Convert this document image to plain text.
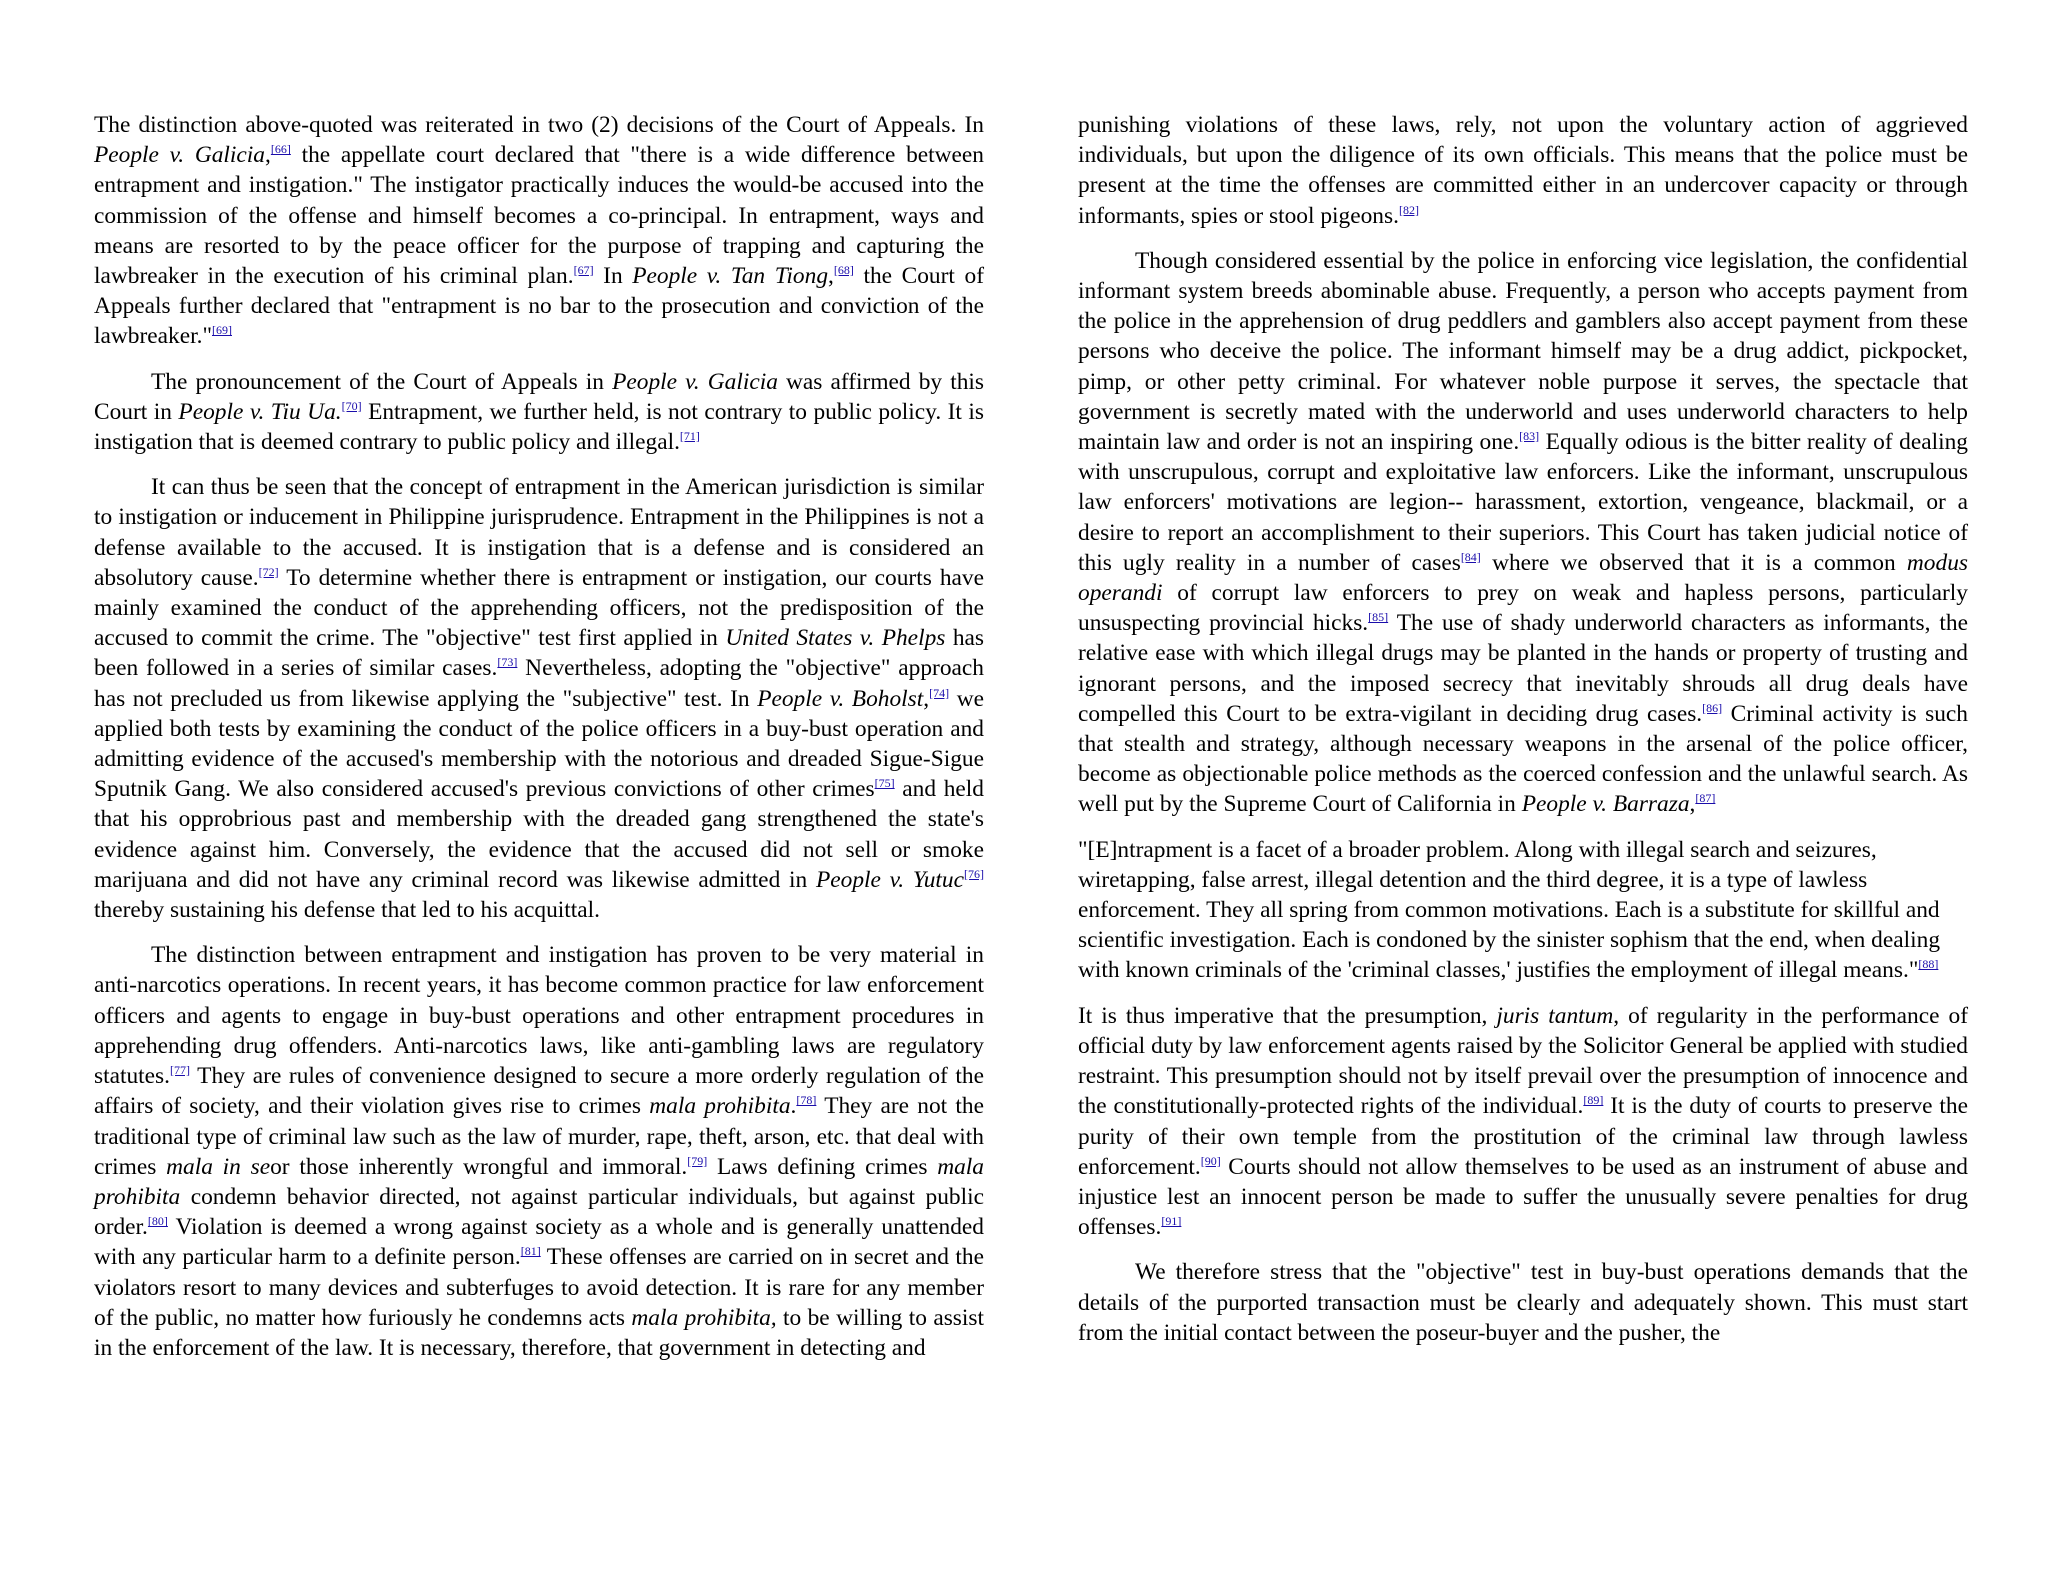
The distinction above-quoted was reiterated in two (2) decisions of the Court of Appeals. In People v. Galicia,[66] the appellate court declared that "there is a wide difference between entrapment and instigation." The instigator practically induces the would-be accused into the commission of the offense and himself becomes a co-principal. In entrapment, ways and means are resorted to by the peace officer for the purpose of trapping and capturing the lawbreaker in the execution of his criminal plan.[67] In People v. Tan Tiong,[68] the Court of Appeals further declared that "entrapment is no bar to the prosecution and conviction of the lawbreaker."[69]

The pronouncement of the Court of Appeals in People v. Galicia was affirmed by this Court in People v. Tiu Ua.[70] Entrapment, we further held, is not contrary to public policy. It is instigation that is deemed contrary to public policy and illegal.[71]

It can thus be seen that the concept of entrapment in the American jurisdiction is similar to instigation or inducement in Philippine jurisprudence. Entrapment in the Philippines is not a defense available to the accused. It is instigation that is a defense and is considered an absolutory cause.[72] To determine whether there is entrapment or instigation, our courts have mainly examined the conduct of the apprehending officers, not the predisposition of the accused to commit the crime. The "objective" test first applied in United States v. Phelps has been followed in a series of similar cases.[73] Nevertheless, adopting the "objective" approach has not precluded us from likewise applying the "subjective" test. In People v. Boholst,[74] we applied both tests by examining the conduct of the police officers in a buy-bust operation and admitting evidence of the accused's membership with the notorious and dreaded Sigue-Sigue Sputnik Gang. We also considered accused's previous convictions of other crimes[75] and held that his opprobrious past and membership with the dreaded gang strengthened the state's evidence against him. Conversely, the evidence that the accused did not sell or smoke marijuana and did not have any criminal record was likewise admitted in People v. Yutuc[76] thereby sustaining his defense that led to his acquittal.

The distinction between entrapment and instigation has proven to be very material in anti-narcotics operations. In recent years, it has become common practice for law enforcement officers and agents to engage in buy-bust operations and other entrapment procedures in apprehending drug offenders. Anti-narcotics laws, like anti-gambling laws are regulatory statutes.[77] They are rules of convenience designed to secure a more orderly regulation of the affairs of society, and their violation gives rise to crimes mala prohibita.[78] They are not the traditional type of criminal law such as the law of murder, rape, theft, arson, etc. that deal with crimes mala in seor those inherently wrongful and immoral.[79] Laws defining crimes mala prohibita condemn behavior directed, not against particular individuals, but against public order.[80] Violation is deemed a wrong against society as a whole and is generally unattended with any particular harm to a definite person.[81] These offenses are carried on in secret and the violators resort to many devices and subterfuges to avoid detection. It is rare for any member of the public, no matter how furiously he condemns acts mala prohibita, to be willing to assist in the enforcement of the law. It is necessary, therefore, that government in detecting and

punishing violations of these laws, rely, not upon the voluntary action of aggrieved individuals, but upon the diligence of its own officials. This means that the police must be present at the time the offenses are committed either in an undercover capacity or through informants, spies or stool pigeons.[82]

Though considered essential by the police in enforcing vice legislation, the confidential informant system breeds abominable abuse. Frequently, a person who accepts payment from the police in the apprehension of drug peddlers and gamblers also accept payment from these persons who deceive the police. The informant himself may be a drug addict, pickpocket, pimp, or other petty criminal. For whatever noble purpose it serves, the spectacle that government is secretly mated with the underworld and uses underworld characters to help maintain law and order is not an inspiring one.[83] Equally odious is the bitter reality of dealing with unscrupulous, corrupt and exploitative law enforcers. Like the informant, unscrupulous law enforcers' motivations are legion-- harassment, extortion, vengeance, blackmail, or a desire to report an accomplishment to their superiors. This Court has taken judicial notice of this ugly reality in a number of cases[84] where we observed that it is a common modus operandi of corrupt law enforcers to prey on weak and hapless persons, particularly unsuspecting provincial hicks.[85] The use of shady underworld characters as informants, the relative ease with which illegal drugs may be planted in the hands or property of trusting and ignorant persons, and the imposed secrecy that inevitably shrouds all drug deals have compelled this Court to be extra-vigilant in deciding drug cases.[86] Criminal activity is such that stealth and strategy, although necessary weapons in the arsenal of the police officer, become as objectionable police methods as the coerced confession and the unlawful search. As well put by the Supreme Court of California in People v. Barraza,[87]

"[E]ntrapment is a facet of a broader problem. Along with illegal search and seizures, wiretapping, false arrest, illegal detention and the third degree, it is a type of lawless enforcement. They all spring from common motivations. Each is a substitute for skillful and scientific investigation. Each is condoned by the sinister sophism that the end, when dealing with known criminals of the 'criminal classes,' justifies the employment of illegal means."[88]

It is thus imperative that the presumption, juris tantum, of regularity in the performance of official duty by law enforcement agents raised by the Solicitor General be applied with studied restraint. This presumption should not by itself prevail over the presumption of innocence and the constitutionally-protected rights of the individual.[89] It is the duty of courts to preserve the purity of their own temple from the prostitution of the criminal law through lawless enforcement.[90] Courts should not allow themselves to be used as an instrument of abuse and injustice lest an innocent person be made to suffer the unusually severe penalties for drug offenses.[91]

We therefore stress that the "objective" test in buy-bust operations demands that the details of the purported transaction must be clearly and adequately shown. This must start from the initial contact between the poseur-buyer and the pusher, the
